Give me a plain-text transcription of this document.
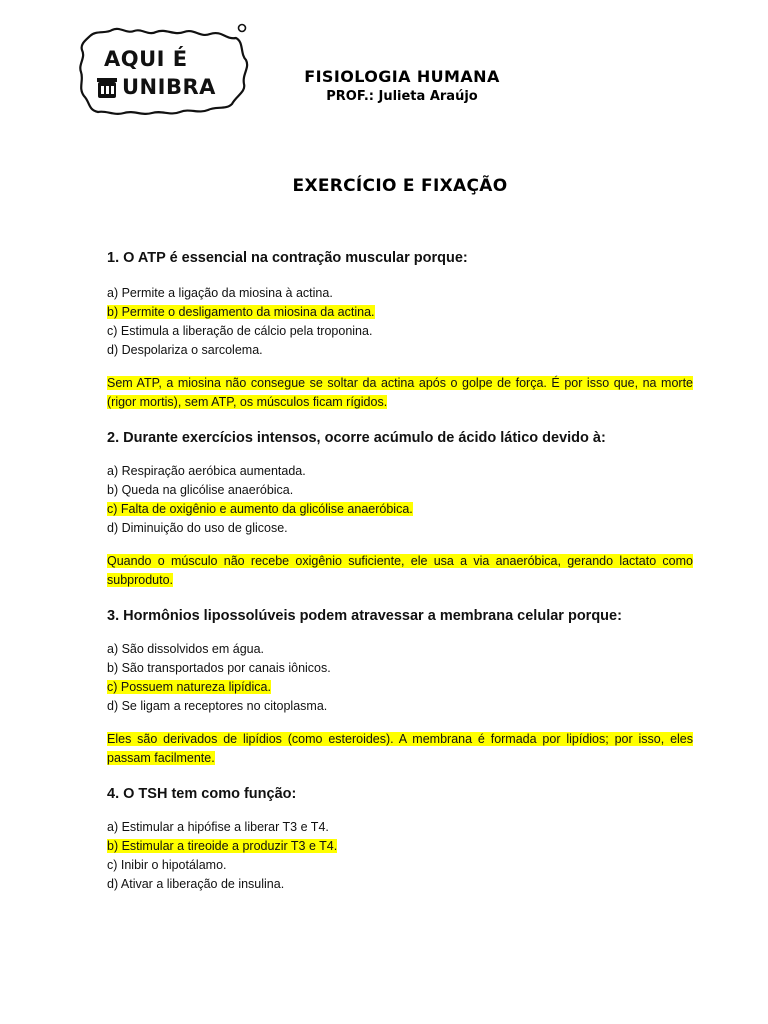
AQUI É
UNIBRA	FISIOLOGIA HUMANA
PROF.: Julieta Araújo
EXERCÍCIO E FIXAÇÃO
1. O ATP é essencial na contração muscular porque:
a) Permite a ligação da miosina à actina.
b) Permite o desligamento da miosina da actina.
c) Estimula a liberação de cálcio pela troponina.
d) Despolariza o sarcolema.
Sem ATP, a miosina não consegue se soltar da actina após o golpe de força. É por isso que, na morte (rigor mortis), sem ATP, os músculos ficam rígidos.
2. Durante exercícios intensos, ocorre acúmulo de ácido lático devido à:
a) Respiração aeróbica aumentada.
b) Queda na glicólise anaeróbica.
c) Falta de oxigênio e aumento da glicólise anaeróbica.
d) Diminuição do uso de glicose.
Quando o músculo não recebe oxigênio suficiente, ele usa a via anaeróbica, gerando lactato como subproduto.
3. Hormônios lipossolúveis podem atravessar a membrana celular porque:
a) São dissolvidos em água.
b) São transportados por canais iônicos.
c) Possuem natureza lipídica.
d) Se ligam a receptores no citoplasma.
Eles são derivados de lipídios (como esteroides). A membrana é formada por lipídios; por isso, eles passam facilmente.
4. O TSH tem como função:
a) Estimular a hipófise a liberar T3 e T4.
b) Estimular a tireoide a produzir T3 e T4.
c) Inibir o hipotálamo.
d) Ativar a liberação de insulina.
